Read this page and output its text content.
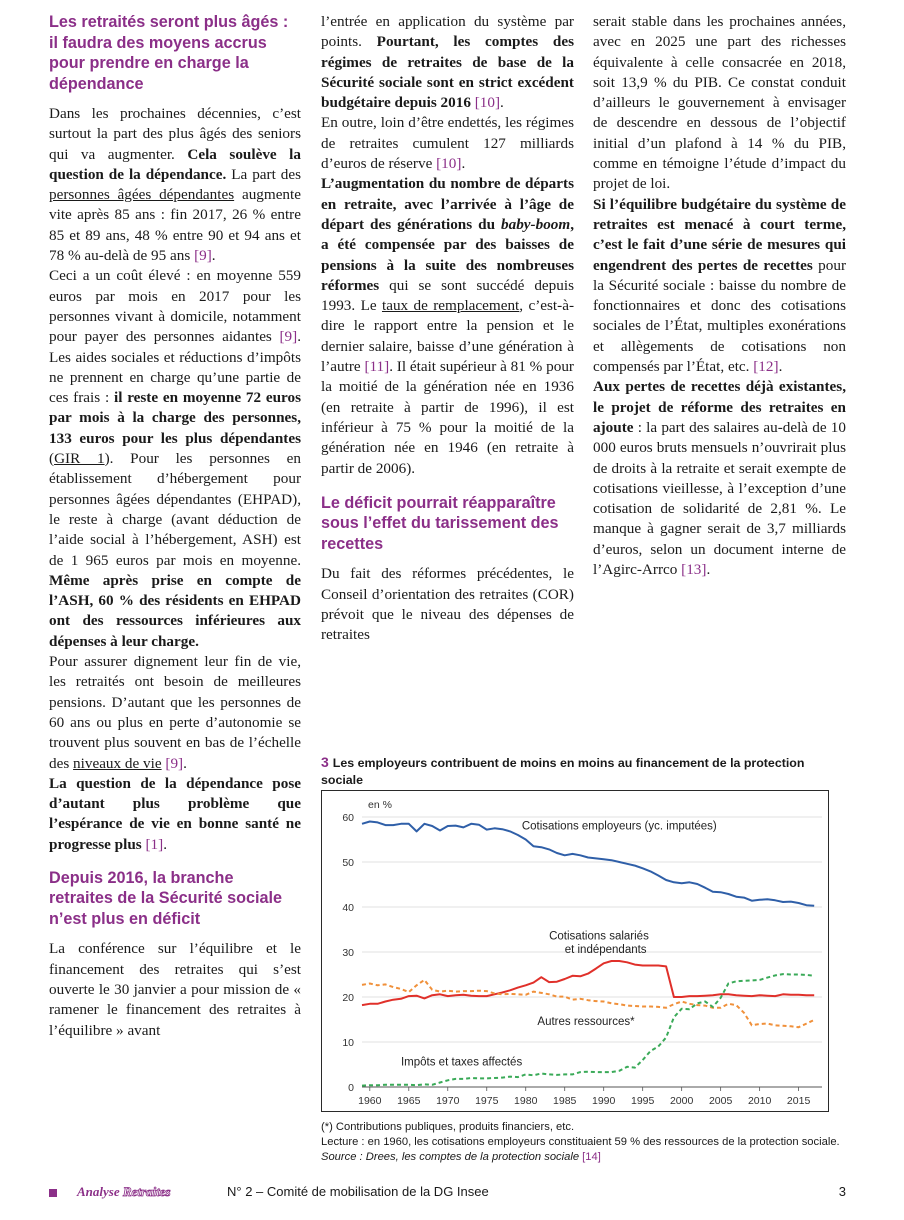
Les retraités seront plus âgés : il faudra des moyens accrus pour prendre en charge la dépendance

Dans les prochaines décennies, c’est surtout la part des plus âgés des seniors qui va augmenter. Cela soulève la question de la dépendance. La part des personnes âgées dépendantes augmente vite après 85 ans : fin 2017, 26 % entre 85 et 89 ans, 48 % entre 90 et 94 ans et 78 % au-delà de 95 ans [9].

Ceci a un coût élevé : en moyenne 559 euros par mois en 2017 pour les personnes vivant à domicile, notamment pour payer des personnes aidantes [9]. Les aides sociales et réductions d’impôts ne prennent en charge qu’une partie de ces frais : il reste en moyenne 72 euros par mois à la charge des personnes, 133 euros pour les plus dépendantes (GIR 1). Pour les personnes en établissement d’hébergement pour personnes âgées dépendantes (EHPAD), le reste à charge (avant déduction de l’aide social à l’hébergement, ASH) est de 1 965 euros par mois en moyenne. Même après prise en compte de l’ASH, 60 % des résidents en EHPAD ont des ressources inférieures aux dépenses à leur charge.

Pour assurer dignement leur fin de vie, les retraités ont besoin de meilleures pensions. D’autant que les personnes de 60 ans ou plus en perte d’autonomie se trouvent plus souvent en bas de l’échelle des niveaux de vie [9].

La question de la dépendance pose d’autant plus problème que l’espérance de vie en bonne santé ne progresse plus [1].

Depuis 2016, la branche retraites de la Sécurité sociale n’est plus en déficit

La conférence sur l’équilibre et le financement des retraites qui s’est ouverte le 30 janvier a pour mission de « ramener le financement des retraites à l’équilibre » avant

l’entrée en application du système par points. Pourtant, les comptes des régimes de retraites de base de la Sécurité sociale sont en strict excédent budgétaire depuis 2016 [10].

En outre, loin d’être endettés, les régimes de retraites cumulent 127 milliards d’euros de réserve [10].

L’augmentation du nombre de départs en retraite, avec l’arrivée à l’âge de départ des générations du baby-boom, a été compensée par des baisses de pensions à la suite des nombreuses réformes qui se sont succédé depuis 1993. Le taux de remplacement, c’est-à-dire le rapport entre la pension et le dernier salaire, baisse d’une génération à l’autre [11]. Il était supérieur à 81 % pour la moitié de la génération née en 1936 (en retraite à partir de 1996), il est inférieur à 75 % pour la moitié de la génération née en 1946 (en retraite à partir de 2006).

Le déficit pourrait réapparaître sous l’effet du tarissement des recettes

Du fait des réformes précédentes, le Conseil d’orientation des retraites (COR) prévoit que le niveau des dépenses de retraites

serait stable dans les prochaines années, avec en 2025 une part des richesses équivalente à celle consacrée en 2018, soit 13,9 % du PIB. Ce constat conduit d’ailleurs le gouvernement à envisager de descendre en dessous de l’objectif initial d’un plafond à 14 % du PIB, comme en témoigne l’étude d’impact du projet de loi.

Si l’équilibre budgétaire du système de retraites est menacé à court terme, c’est le fait d’une série de mesures qui engendrent des pertes de recettes pour la Sécurité sociale : baisse du nombre de fonctionnaires et donc des cotisations sociales de l’État, multiples exonérations et allègements de cotisations non compensés par l’État, etc. [12].

Aux pertes de recettes déjà existantes, le projet de réforme des retraites en ajoute : la part des salaires au-delà de 10 000 euros bruts mensuels n’ouvrirait plus de droits à la retraite et serait exempte de cotisations vieillesse, à l’exception d’une cotisation de solidarité de 2,81 %. Le manque à gagner serait de 3,7 milliards d’euros, selon un document interne de l’Agirc-Arrco [13].

3 Les employeurs contribuent de moins en moins au financement de la protection sociale
0
10
20
30
40
50
60
1960 1965 1970 1975 1980 1985 1990 1995 2000 2005 2010 2015
en %
Cotisations employeurs (yc. imputées)
Cotisations salariés
et indépendants
Autres ressources*
Impôts et taxes affectés
(*) Contributions publiques, produits financiers, etc.
Lecture : en 1960, les cotisations employeurs constituaient 59 % des ressources de la protection sociale.
Source : Drees, les comptes de la protection sociale [14]
Analyse Retraites	N° 2 – Comité de mobilisation de la DG Insee	3
